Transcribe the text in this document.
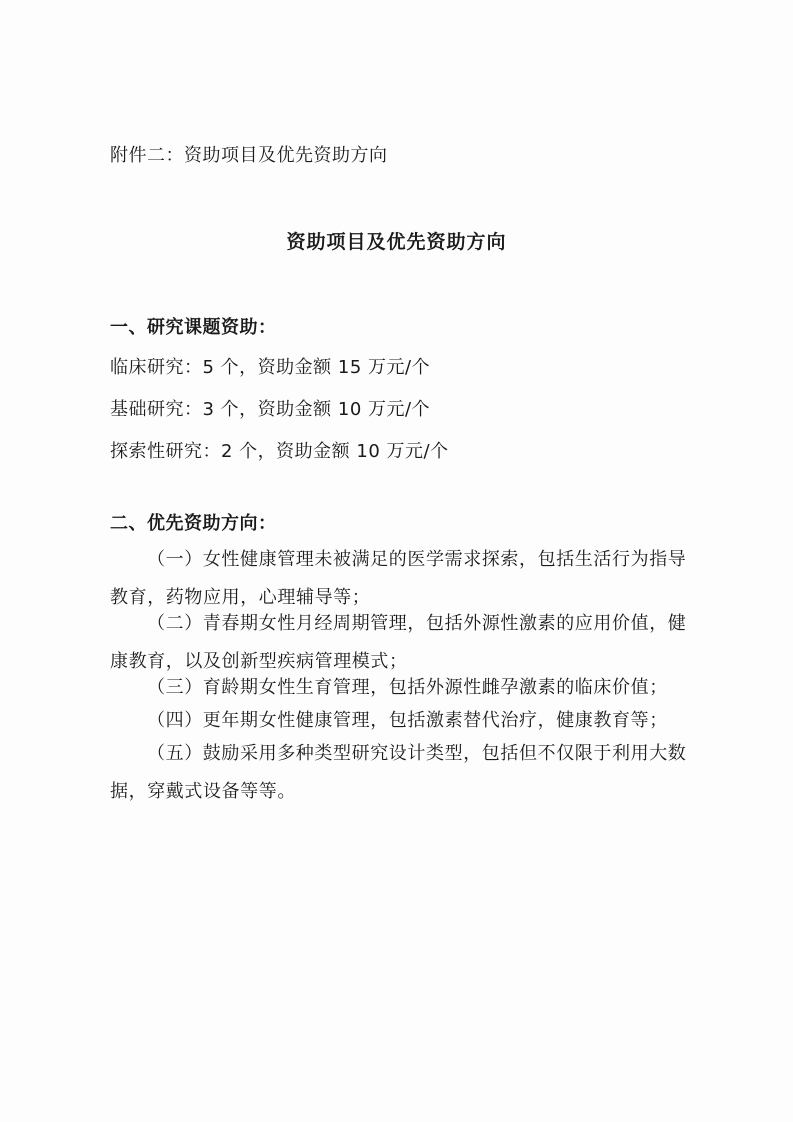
附件二：资助项目及优先资助方向
资助项目及优先资助方向
一、研究课题资助：
临床研究：5 个，资助金额 15 万元/个
基础研究：3 个，资助金额 10 万元/个
探索性研究：2 个，资助金额 10 万元/个
二、优先资助方向：
（一）女性健康管理未被满足的医学需求探索，包括生活行为指导教育，药物应用，心理辅导等；
（二）青春期女性月经周期管理，包括外源性激素的应用价值，健康教育，以及创新型疾病管理模式；
（三）育龄期女性生育管理，包括外源性雌孕激素的临床价值；
（四）更年期女性健康管理，包括激素替代治疗，健康教育等；
（五）鼓励采用多种类型研究设计类型，包括但不仅限于利用大数据，穿戴式设备等等。
